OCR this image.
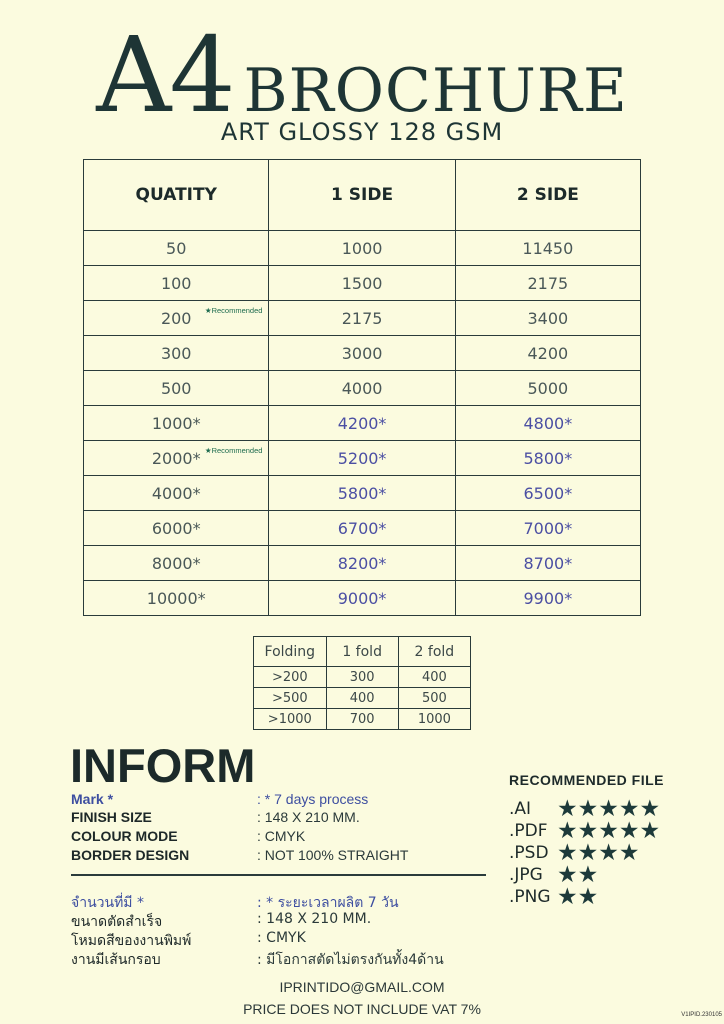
A4 BROCHURE
ART GLOSSY 128 GSM
QUATITY	1 SIDE	2 SIDE
50	1000	11450
100	1500	2175
200 ★Recommended	2175	3400
300	3000	4200
500	4000	5000
1000*	4200*	4800*
2000* ★Recommended	5200*	5800*
4000*	5800*	6500*
6000*	6700*	7000*
8000*	8200*	8700*
10000*	9000*	9900*
Folding	1 fold	2 fold
>200	300	400
>500	400	500
>1000	700	1000
INFORM
Mark *	: * 7 days process
FINISH SIZE	: 148 X 210 MM.
COLOUR MODE	: CMYK
BORDER DESIGN	: NOT 100% STRAIGHT
จำนวนที่มี *	: * ระยะเวลาผลิต 7 วัน
ขนาดตัดสำเร็จ	: 148 X 210 MM.
โหมดสีของงานพิมพ์	: CMYK
งานมีเส้นกรอบ	: มีโอกาสตัดไม่ตรงกันทั้ง4ด้าน
RECOMMENDED FILE
.AI ★★★★★
.PDF ★★★★★
.PSD ★★★★
.JPG ★★
.PNG ★★
IPRINTIDO@GMAIL.COM
PRICE DOES NOT INCLUDE VAT 7%	V1IPID.230105
